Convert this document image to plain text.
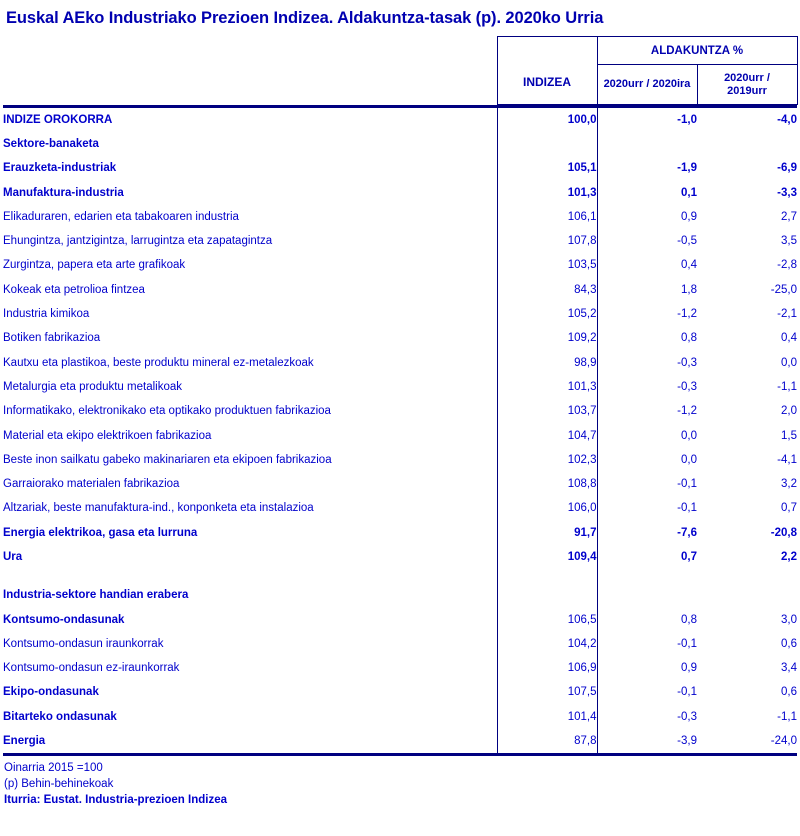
Euskal AEko Industriako Prezioen Indizea. Aldakuntza-tasak (p). 2020ko Urria
	INDIZEA	ALDAKUNTZA %	
		2020urr / 2020ira	2020urr / 2019urr
INDIZE OROKORRA	100,0	-1,0	-4,0
Sektore-banaketa			
Erauzketa-industriak	105,1	-1,9	-6,9
Manufaktura-industria	101,3	0,1	-3,3
Elikaduraren, edarien eta tabakoaren industria	106,1	0,9	2,7
Ehungintza, jantzigintza, larrugintza eta zapatagintza	107,8	-0,5	3,5
Zurgintza, papera eta arte grafikoak	103,5	0,4	-2,8
Kokeak eta petrolioa fintzea	84,3	1,8	-25,0
Industria kimikoa	105,2	-1,2	-2,1
Botiken fabrikazioa	109,2	0,8	0,4
Kautxu eta plastikoa, beste produktu mineral ez-metalezkoak	98,9	-0,3	0,0
Metalurgia eta produktu metalikoak	101,3	-0,3	-1,1
Informatikako, elektronikako eta optikako produktuen fabrikazioa	103,7	-1,2	2,0
Material eta ekipo elektrikoen fabrikazioa	104,7	0,0	1,5
Beste inon sailkatu gabeko makinariaren eta ekipoen fabrikazioa	102,3	0,0	-4,1
Garraiorako materialen fabrikazioa	108,8	-0,1	3,2
Altzariak, beste manufaktura-ind., konponketa eta instalazioa	106,0	-0,1	0,7
Energia elektrikoa, gasa eta lurruna	91,7	-7,6	-20,8
Ura	109,4	0,7	2,2

Industria-sektore handian erabera			
Kontsumo-ondasunak	106,5	0,8	3,0
Kontsumo-ondasun iraunkorrak	104,2	-0,1	0,6
Kontsumo-ondasun ez-iraunkorrak	106,9	0,9	3,4
Ekipo-ondasunak	107,5	-0,1	0,6
Bitarteko ondasunak	101,4	-0,3	-1,1
Energia	87,8	-3,9	-24,0
Oinarria 2015 =100
(p) Behin-behinekoak
Iturria: Eustat. Industria-prezioen Indizea
